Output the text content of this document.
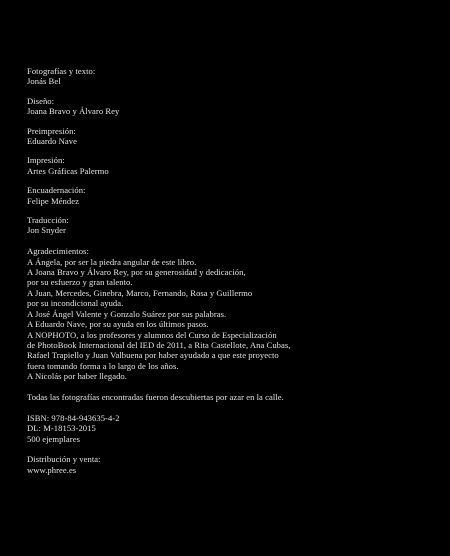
Fotografías y texto:
Jonás Bel
Diseño:
Joana Bravo y Álvaro Rey
Preimpresión:
Eduardo Nave
Impresión:
Artes Gráficas Palermo
Encuadernación:
Felipe Méndez
Traducción:
Jon Snyder
Agradecimientos:
A Ángela, por ser la piedra angular de este libro.
A Joana Bravo y Álvaro Rey, por su generosidad y dedicación,
por su esfuerzo y gran talento.
A Juan, Mercedes, Ginebra, Marco, Fernando, Rosa y Guillermo
por su incondicional ayuda.
A José Ángel Valente y Gonzalo Suárez por sus palabras.
A Eduardo Nave, por su ayuda en los últimos pasos.
A NOPHOTO, a los profesores y alumnos del Curso de Especialización
de PhotoBook Internacional del IED de 2011, a Rita Castellote, Ana Cubas,
Rafael Trapiello y Juan Valbuena por haber ayudado a que este proyecto
fuera tomando forma a lo largo de los años.
A Nicolás por haber llegado.
Todas las fotografías encontradas fueron descubiertas por azar en la calle.
ISBN: 978-84-943635-4-2
DL: M-18153-2015
500 ejemplares
Distribución y venta:
www.phree.es
